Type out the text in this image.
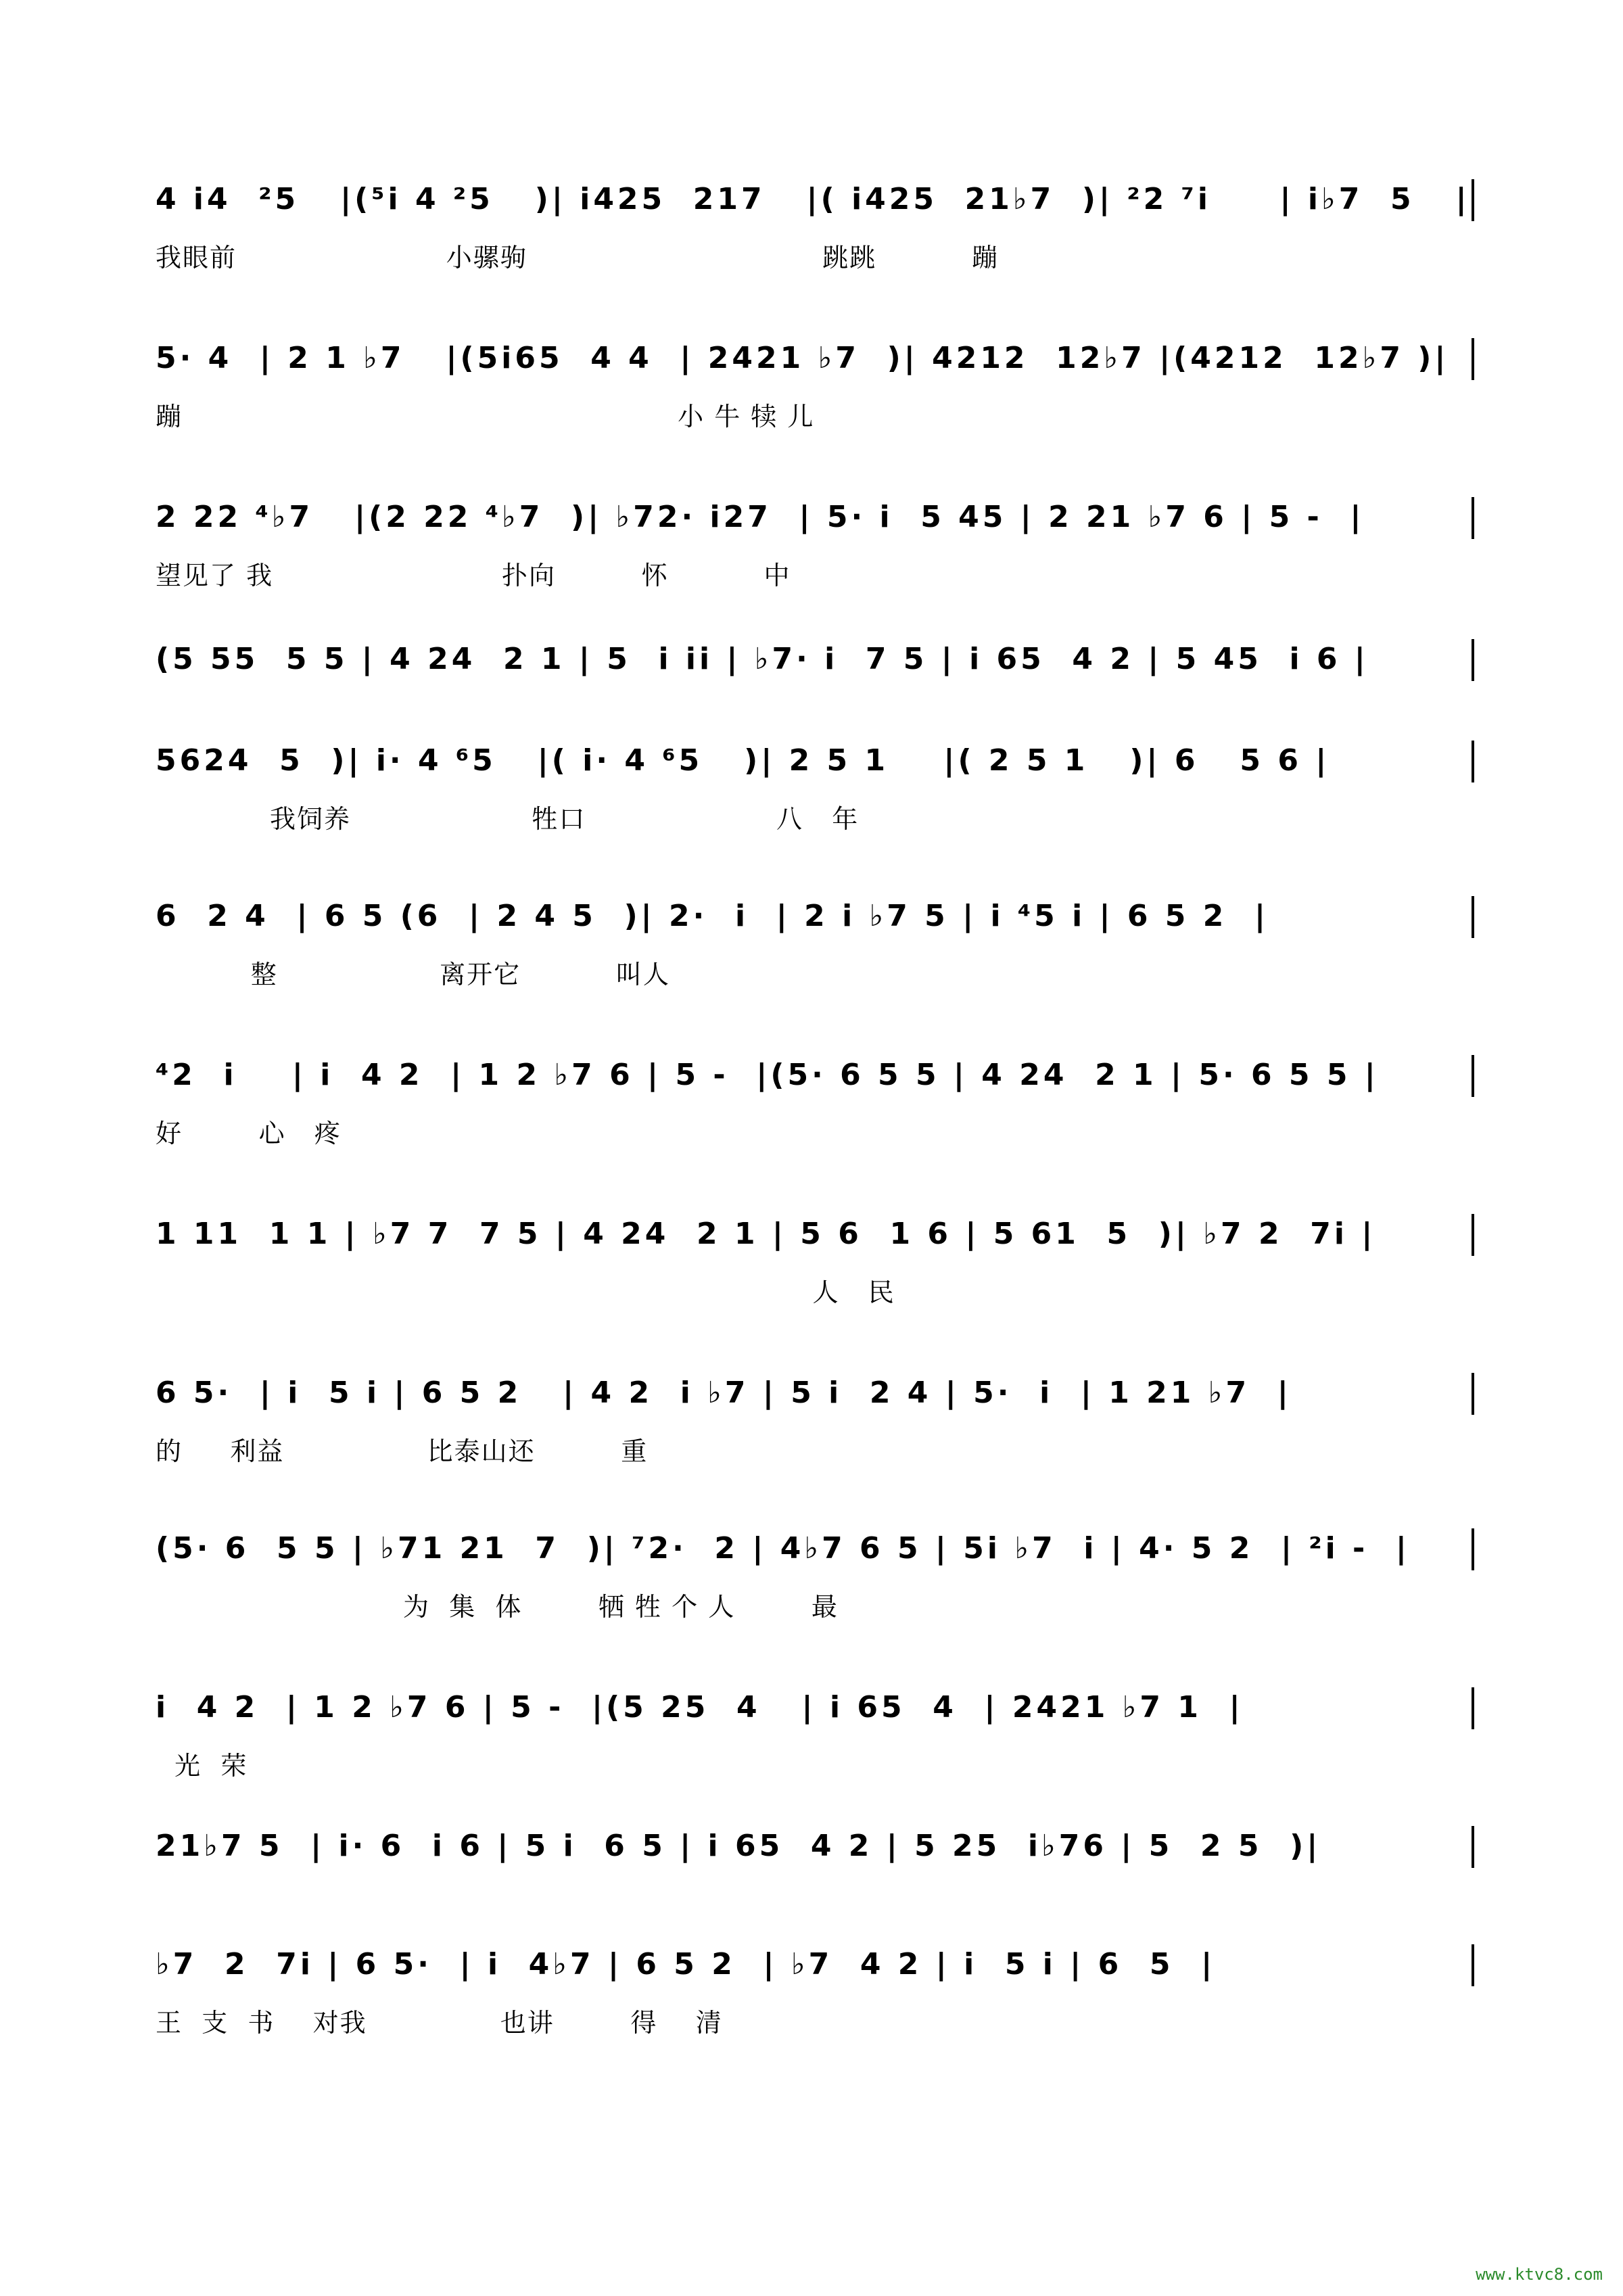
4 i4  ²5   |(⁵i 4 ²5   )| i425  217   |( i425  21♭7  )| ²2 ⁷i     | i♭7  5   |
我眼前                      小骡驹                               跳跳          蹦
5· 4  | 2 1 ♭7   |(5i65  4 4  | 2421 ♭7  )| 4212  12♭7 |(4212  12♭7 )|
蹦                                                    小 牛 犊 儿
2 22 ⁴♭7   |(2 22 ⁴♭7  )| ♭72· i27  | 5· i  5 45 | 2 21 ♭7 6 | 5 -  |
望见了 我                        扑向         怀          中
(5 55  5 5 | 4 24  2 1 | 5  i ii | ♭7· i  7 5 | i 65  4 2 | 5 45  i 6 |
5624  5  )| i· 4 ⁶5   |( i· 4 ⁶5   )| 2 5 1    |( 2 5 1   )| 6   5 6 |
我饲养                   牲口                    八   年
6  2 4  | 6 5 (6  | 2 4 5  )| 2·  i  | 2 i ♭7 5 | i ⁴5 i | 6 5 2  |
整                 离开它          叫人
⁴2  i    | i  4 2  | 1 2 ♭7 6 | 5 -  |(5· 6 5 5 | 4 24  2 1 | 5· 6 5 5 |
好        心   疼
1 11  1 1 | ♭7 7  7 5 | 4 24  2 1 | 5 6  1 6 | 5 61  5  )| ♭7 2  7i |
人   民
6 5·  | i  5 i | 6 5 2   | 4 2  i ♭7 | 5 i  2 4 | 5·  i  | 1 21 ♭7  |
的     利益               比泰山还         重
(5· 6  5 5 | ♭71 21  7  )| ⁷2·  2 | 4♭7 6 5 | 5i ♭7  i | 4· 5 2  | ²i -  |
为  集  体        牺 牲 个 人        最
i  4 2  | 1 2 ♭7 6 | 5 -  |(5 25  4   | i 65  4  | 2421 ♭7 1  |
光  荣
21♭7 5  | i· 6  i 6 | 5 i  6 5 | i 65  4 2 | 5 25  i♭76 | 5  2 5  )|
♭7  2  7i | 6 5·  | i  4♭7 | 6 5 2  | ♭7  4 2 | i  5 i | 6  5  |
王  支  书    对我              也讲        得    清
www.ktvc8.com
